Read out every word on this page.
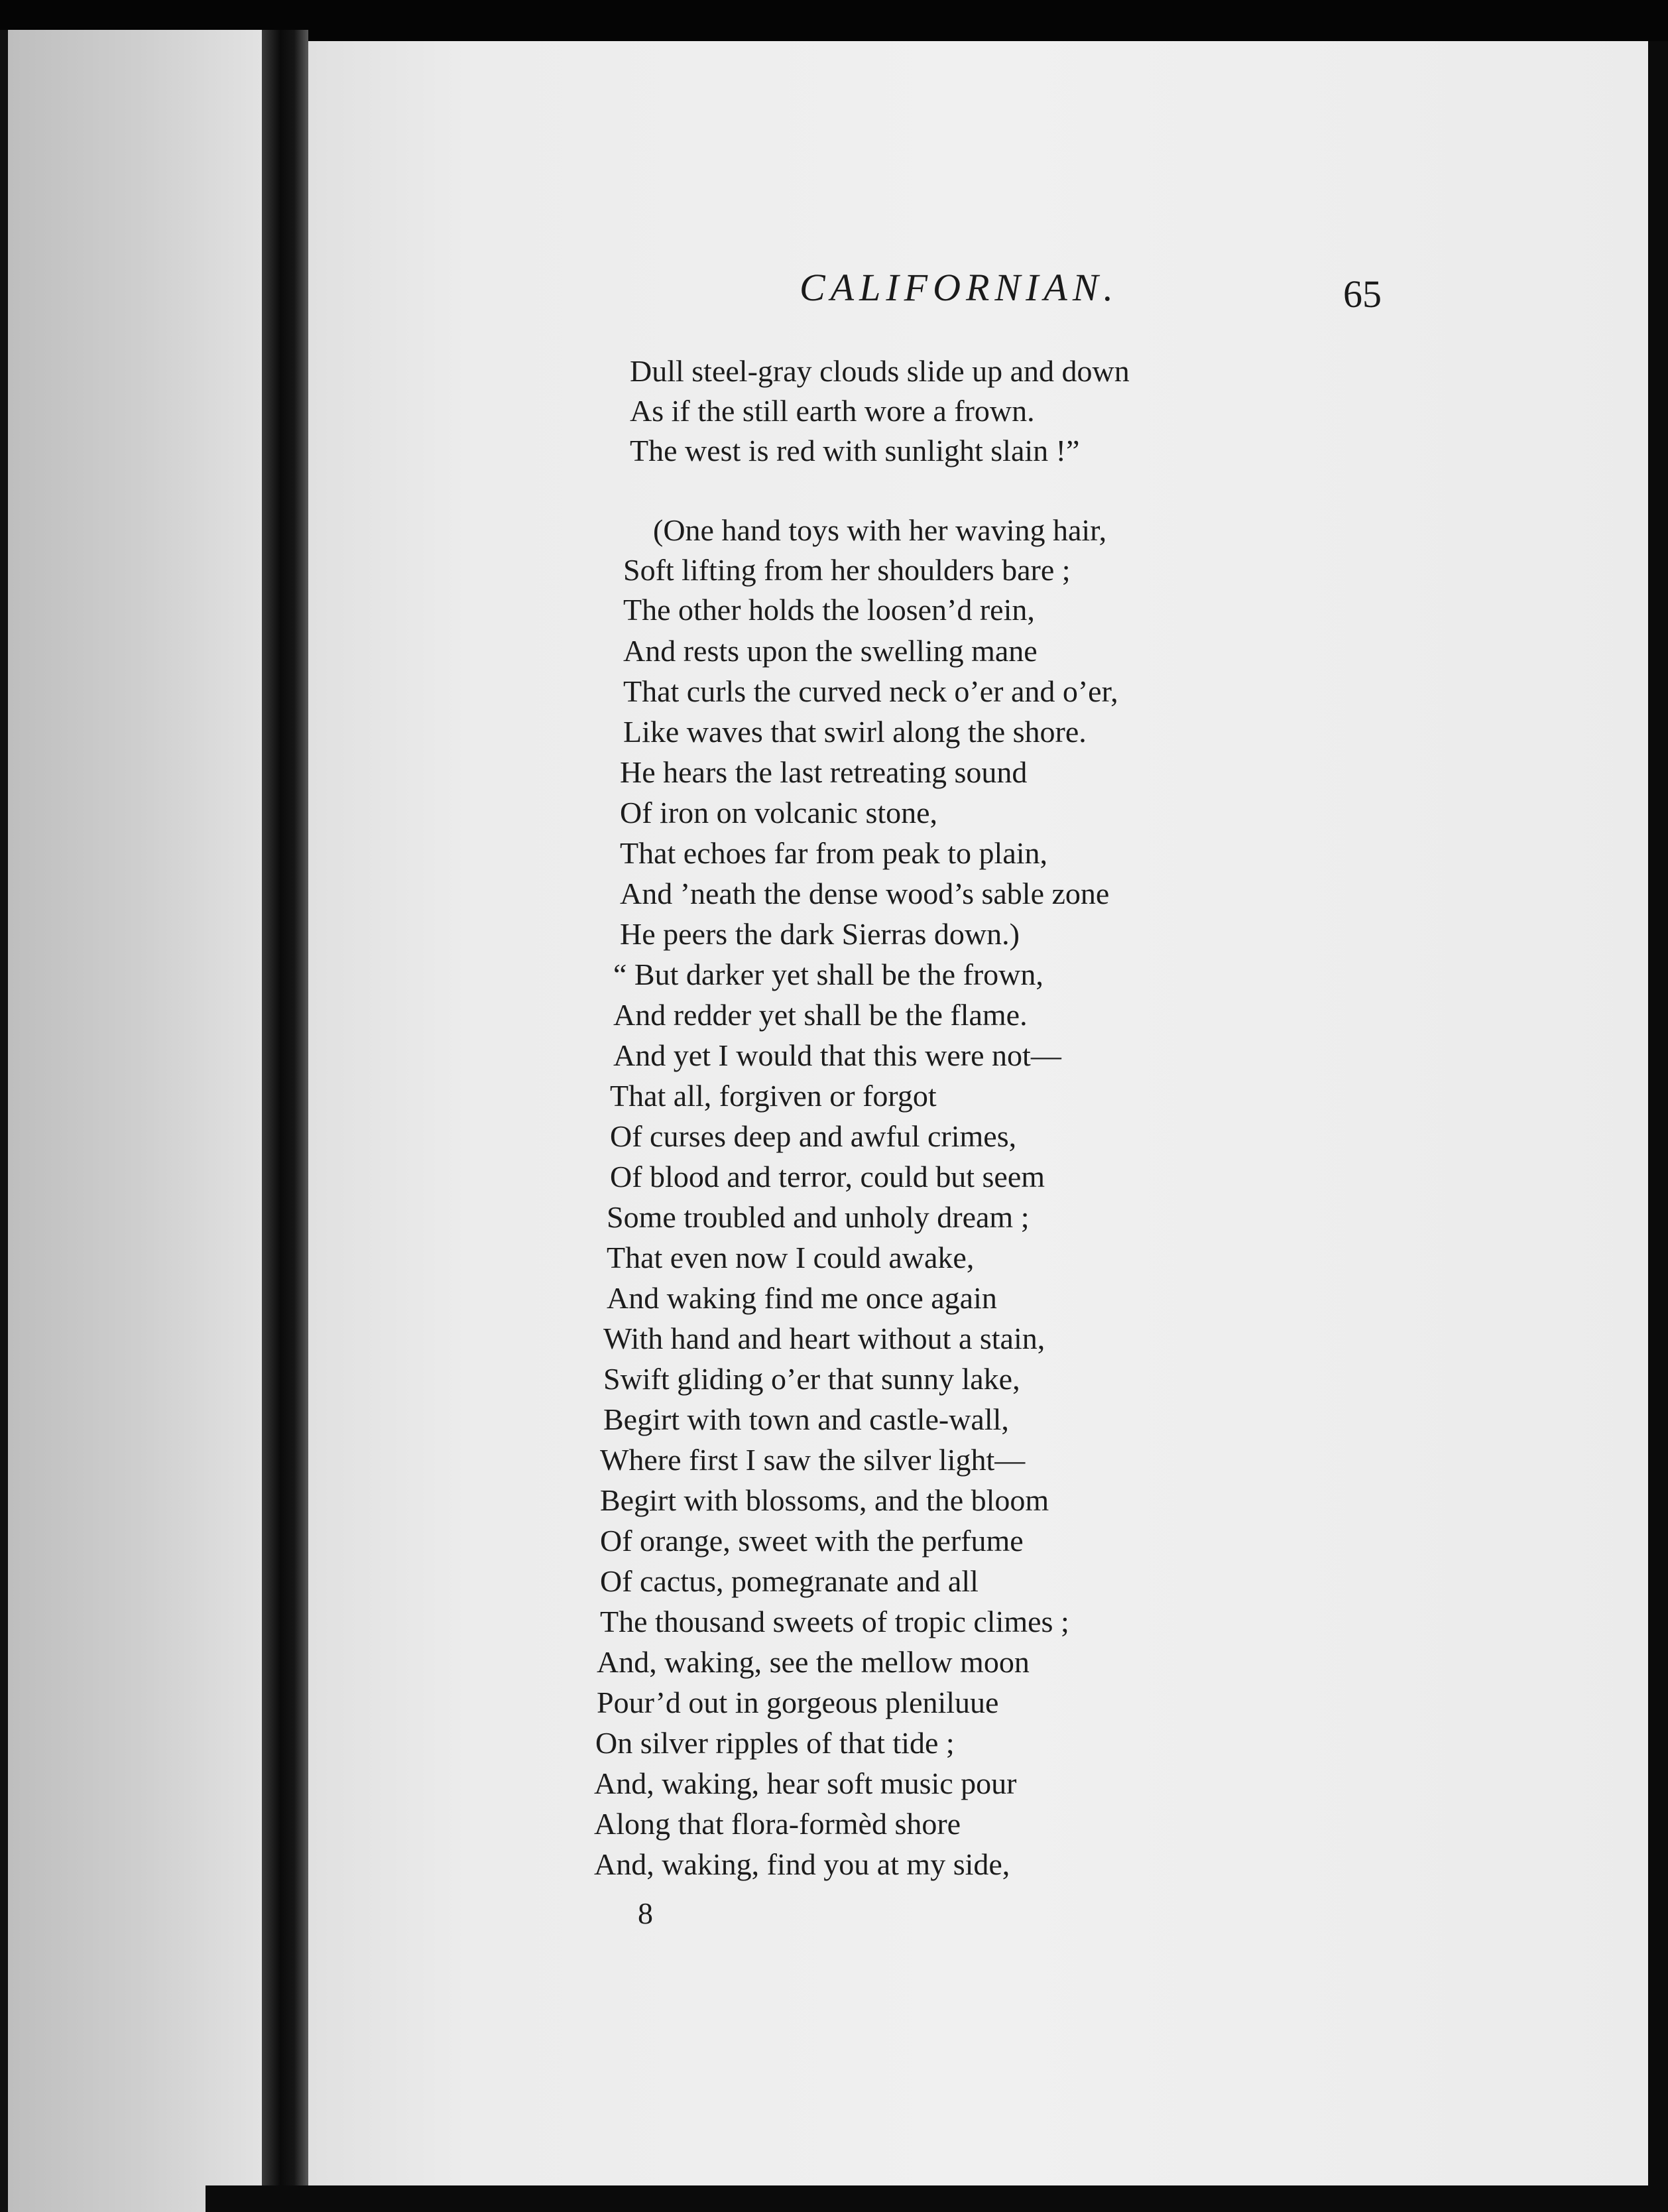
CALIFORNIAN.	65
Dull steel-gray clouds slide up and down
As if the still earth wore a frown.
The west is red with sunlight slain !”
(One hand toys with her waving hair,
Soft lifting from her shoulders bare ;
The other holds the loosen’d rein,
And rests upon the swelling mane
That curls the curved neck o’er and o’er,
Like waves that swirl along the shore.
He hears the last retreating sound
Of iron on volcanic stone,
That echoes far from peak to plain,
And ’neath the dense wood’s sable zone
He peers the dark Sierras down.)
“ But darker yet shall be the frown,
And redder yet shall be the flame.
And yet I would that this were not—
That all, forgiven or forgot
Of curses deep and awful crimes,
Of blood and terror, could but seem
Some troubled and unholy dream ;
That even now I could awake,
And waking find me once again
With hand and heart without a stain,
Swift gliding o’er that sunny lake,
Begirt with town and castle-wall,
Where first I saw the silver light—
Begirt with blossoms, and the bloom
Of orange, sweet with the perfume
Of cactus, pomegranate and all
The thousand sweets of tropic climes ;
And, waking, see the mellow moon
Pour’d out in gorgeous pleniluue
On silver ripples of that tide ;
And, waking, hear soft music pour
Along that flora-formèd shore
And, waking, find you at my side,
8
